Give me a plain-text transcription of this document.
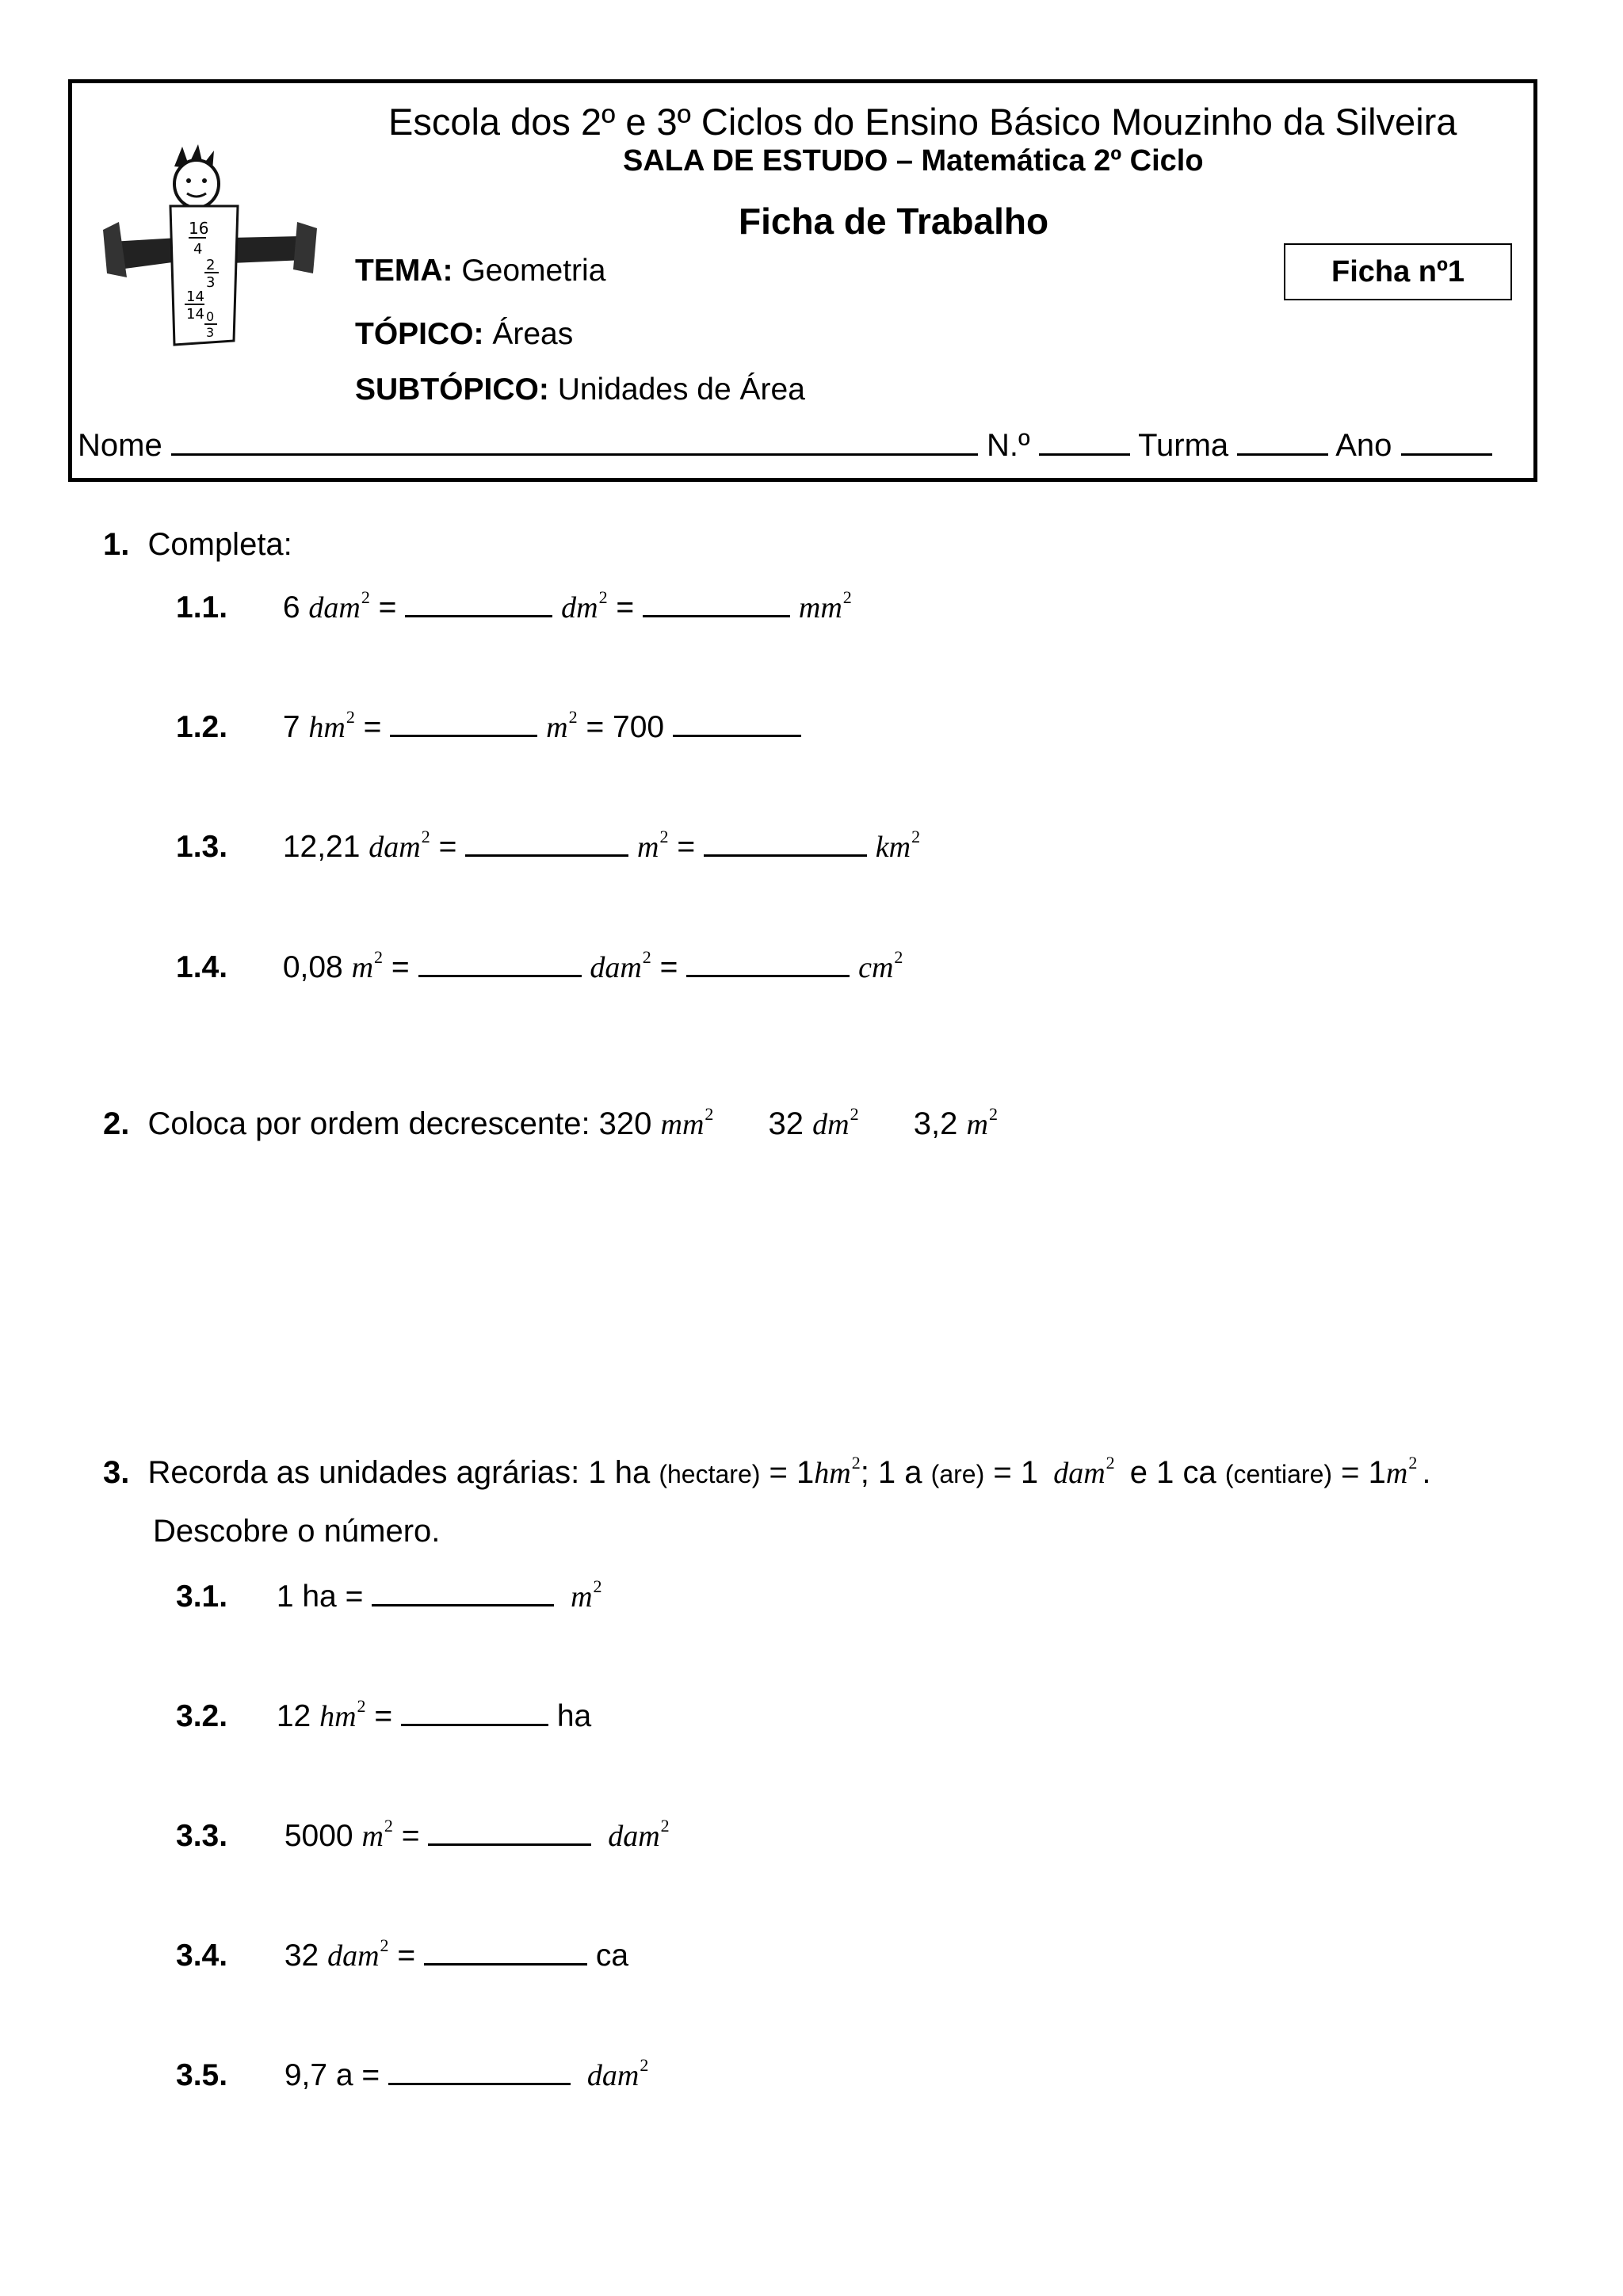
16
4
2
3
14
14 0
3
Escola dos 2º e 3º Ciclos do Ensino Básico Mouzinho da Silveira
SALA DE ESTUDO – Matemática 2º Ciclo
Ficha de Trabalho
TEMA: Geometria	Ficha nº1
TÓPICO: Áreas
SUBTÓPICO: Unidades de Área
Nome	N.º	Turma	Ano
1. Completa:
1.1. 6 dam$^2$ =	$dm^2$ =	$mm^2$
1.2. 7 $hm^2$ =	$m^2 = 700$
1.3. 12,21 dam$^2$ =	$m^2$ =	$km^2$
1.4. 0,08 $m^2$ =	dam$^2$ =	$cm^2$
2. Coloca por ordem decrescente: 320 $mm^2$ 32 $dm^2$ 3,2 $m^2$
3. Recorda as unidades agrárias: 1 ha (hectare) = $1hm^2$; 1 a (are) = 1 dam$^2$ e 1 ca (centiare) = $1m^2$ .
Descobre o número.
3.1. 1 ha =	$m^2$
3.2. 12 $hm^2$ =	ha
3.3. 5000 $m^2$ =	dam$^2$
3.4. 32 dam$^2$ =	ca
3.5. 9,7 a =	dam$^2$
